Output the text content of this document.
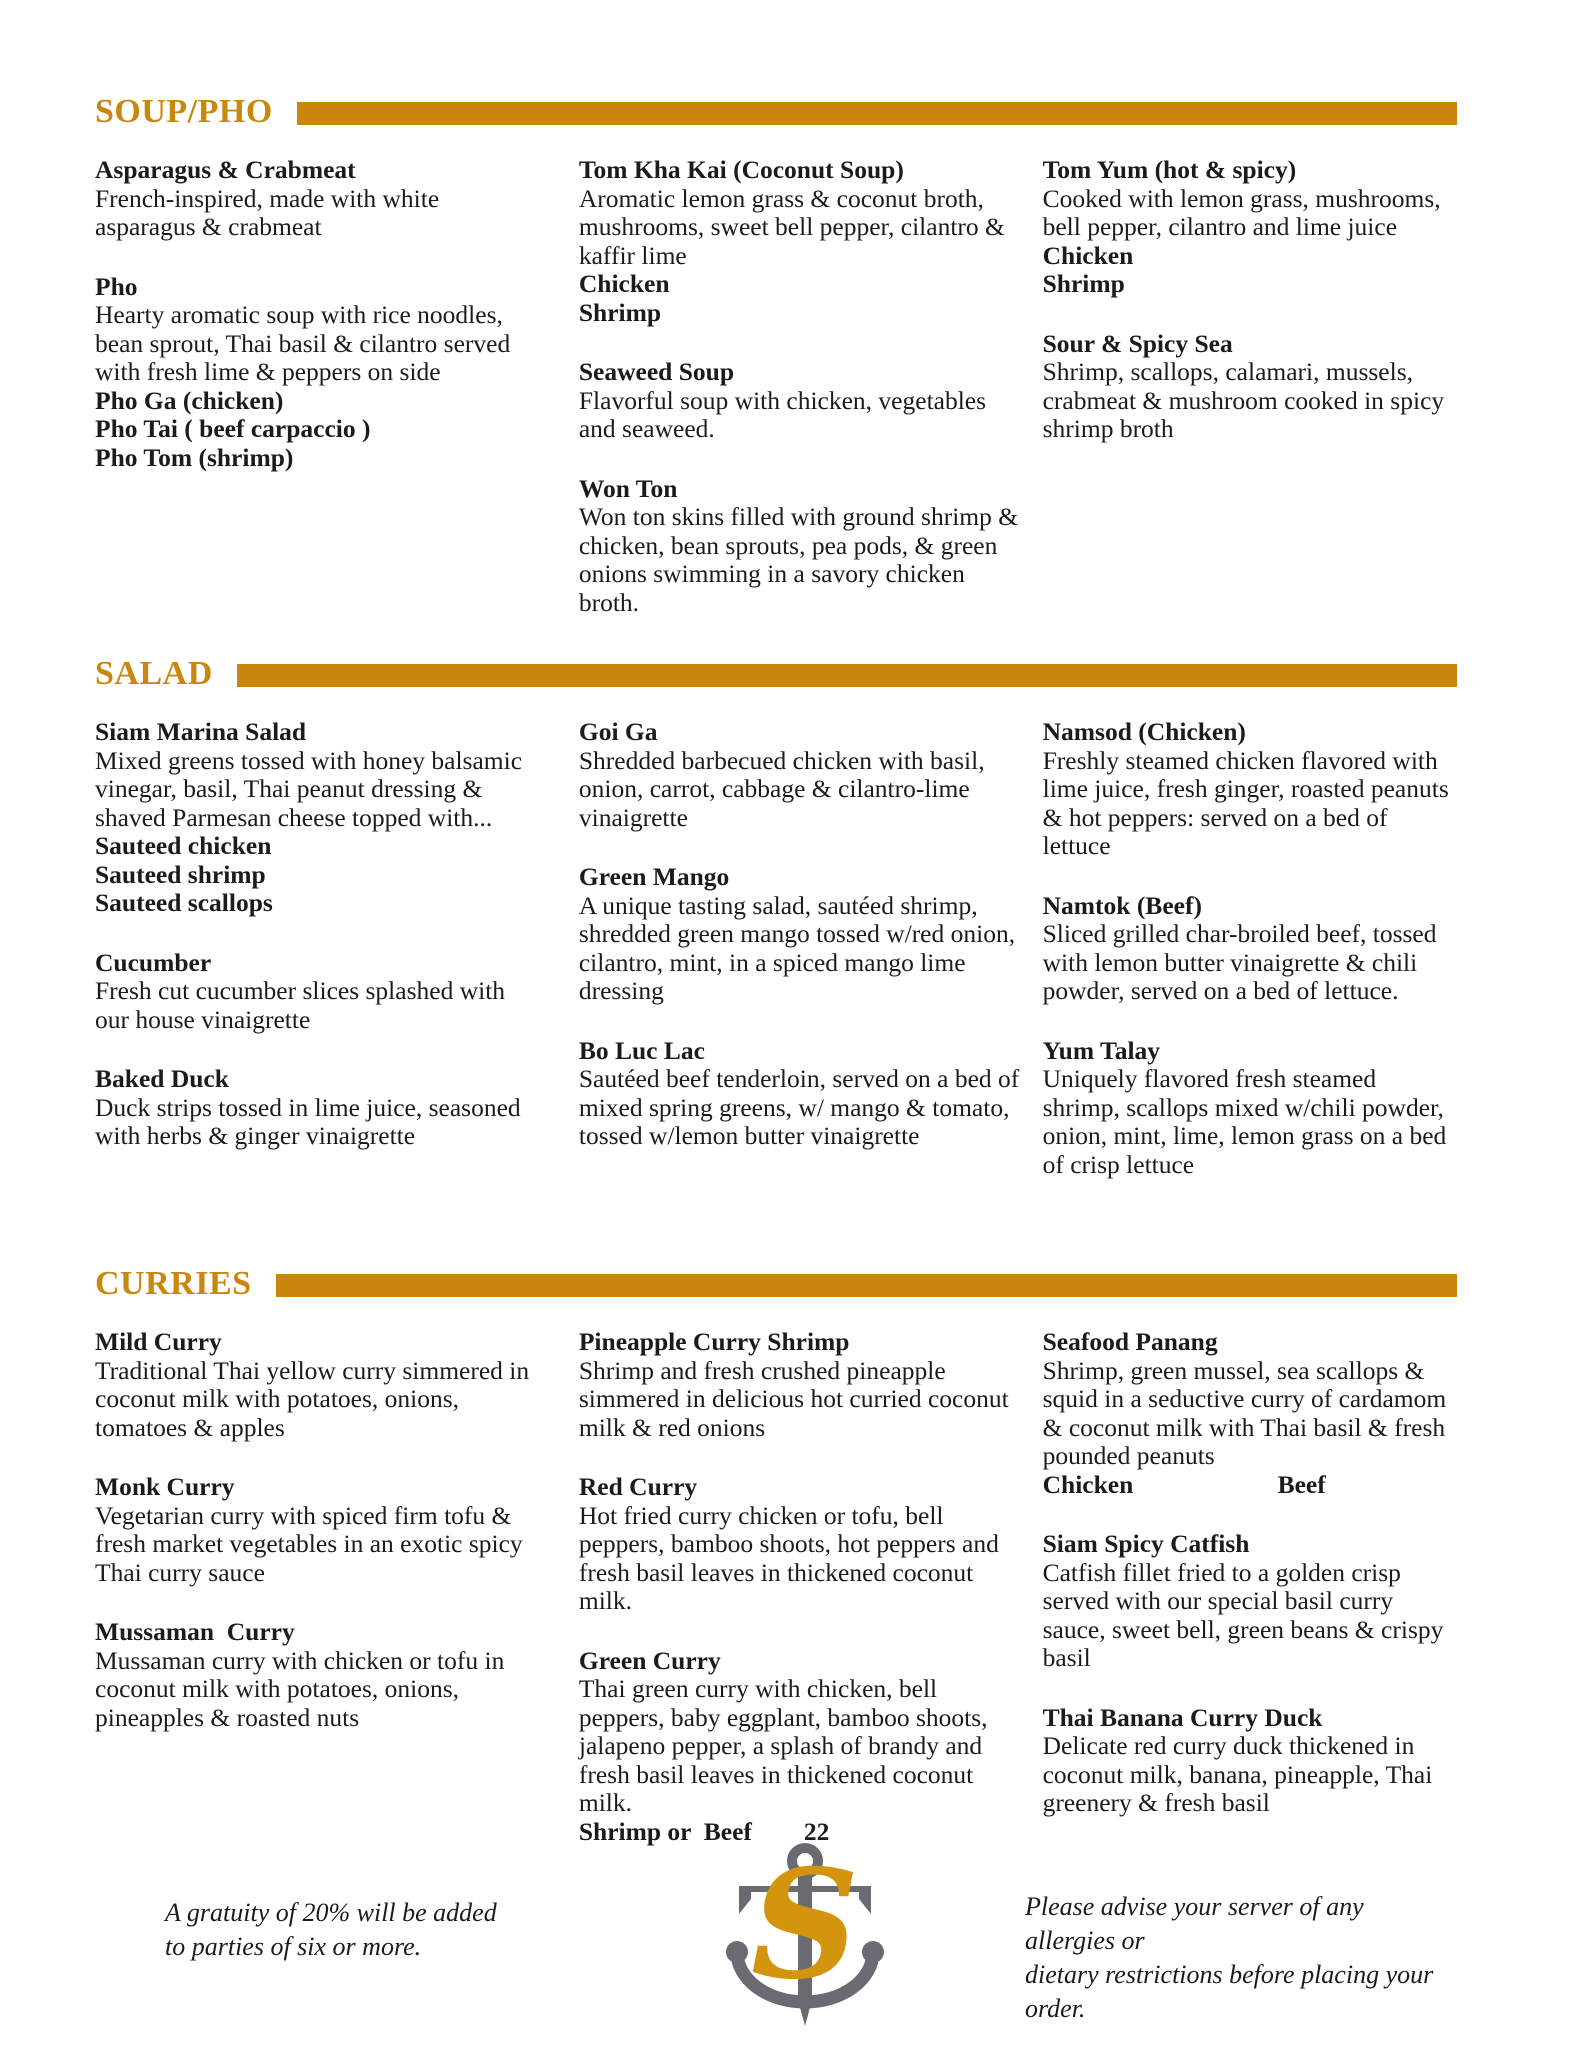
SOUP/PHO
Asparagus & Crabmeat
French-inspired, made with white asparagus & crabmeat
Pho
Hearty aromatic soup with rice noodles, bean sprout, Thai basil & cilantro served with fresh lime & peppers on side
Pho Ga (chicken)
Pho Tai ( beef carpaccio )
Pho Tom (shrimp)
Tom Kha Kai (Coconut Soup)
Aromatic lemon grass & coconut broth, mushrooms, sweet bell pepper, cilantro & kaffir lime
Chicken
Shrimp
Seaweed Soup
Flavorful soup with chicken, vegetables and seaweed.
Won Ton
Won ton skins filled with ground shrimp & chicken, bean sprouts, pea pods, & green onions swimming in a savory chicken broth.
Tom Yum (hot & spicy)
Cooked with lemon grass, mushrooms, bell pepper, cilantro and lime juice
Chicken
Shrimp
Sour & Spicy Sea
Shrimp, scallops, calamari, mussels, crabmeat & mushroom cooked in spicy shrimp broth
SALAD
Siam Marina Salad
Mixed greens tossed with honey balsamic vinegar, basil, Thai peanut dressing & shaved Parmesan cheese topped with...
Sauteed chicken
Sauteed shrimp
Sauteed scallops
Cucumber
Fresh cut cucumber slices splashed with our house vinaigrette
Baked Duck
Duck strips tossed in lime juice, seasoned with herbs & ginger vinaigrette
Goi Ga
Shredded barbecued chicken with basil, onion, carrot, cabbage & cilantro-lime vinaigrette
Green Mango
A unique tasting salad, sautéed shrimp, shredded green mango tossed w/red onion, cilantro, mint, in a spiced mango lime dressing
Bo Luc Lac
Sautéed beef tenderloin, served on a bed of mixed spring greens, w/ mango & tomato, tossed w/lemon butter vinaigrette
Namsod (Chicken)
Freshly steamed chicken flavored with lime juice, fresh ginger, roasted peanuts & hot peppers: served on a bed of lettuce
Namtok (Beef)
Sliced grilled char-broiled beef, tossed with lemon butter vinaigrette & chili powder, served on a bed of lettuce.
Yum Talay
Uniquely flavored fresh steamed shrimp, scallops mixed w/chili powder, onion, mint, lime, lemon grass on a bed of crisp lettuce
CURRIES
Mild Curry
Traditional Thai yellow curry simmered in coconut milk with potatoes, onions, tomatoes & apples
Monk Curry
Vegetarian curry with spiced firm tofu & fresh market vegetables in an exotic spicy Thai curry sauce
Mussaman  Curry
Mussaman curry with chicken or tofu in coconut milk with potatoes, onions, pineapples & roasted nuts
Pineapple Curry Shrimp
Shrimp and fresh crushed pineapple simmered in delicious hot curried coconut milk & red onions
Red Curry
Hot fried curry chicken or tofu, bell peppers, bamboo shoots, hot peppers and fresh basil leaves in thickened coconut milk.
Green Curry
Thai green curry with chicken, bell peppers, baby eggplant, bamboo shoots, jalapeno pepper, a splash of brandy and fresh basil leaves in thickened coconut milk.
Shrimp or  Beef 22
Seafood Panang
Shrimp, green mussel, sea scallops & squid in a seductive curry of cardamom & coconut milk with Thai basil & fresh pounded peanuts
Chicken	Beef
Siam Spicy Catfish
Catfish fillet fried to a golden crisp served with our special basil curry sauce, sweet bell, green beans & crispy basil
Thai Banana Curry Duck
Delicate red curry duck thickened in coconut milk, banana, pineapple, Thai greenery & fresh basil
A gratuity of 20% will be added
to parties of six or more.	S	Please advise your server of any allergies or
dietary restrictions before placing your order.
